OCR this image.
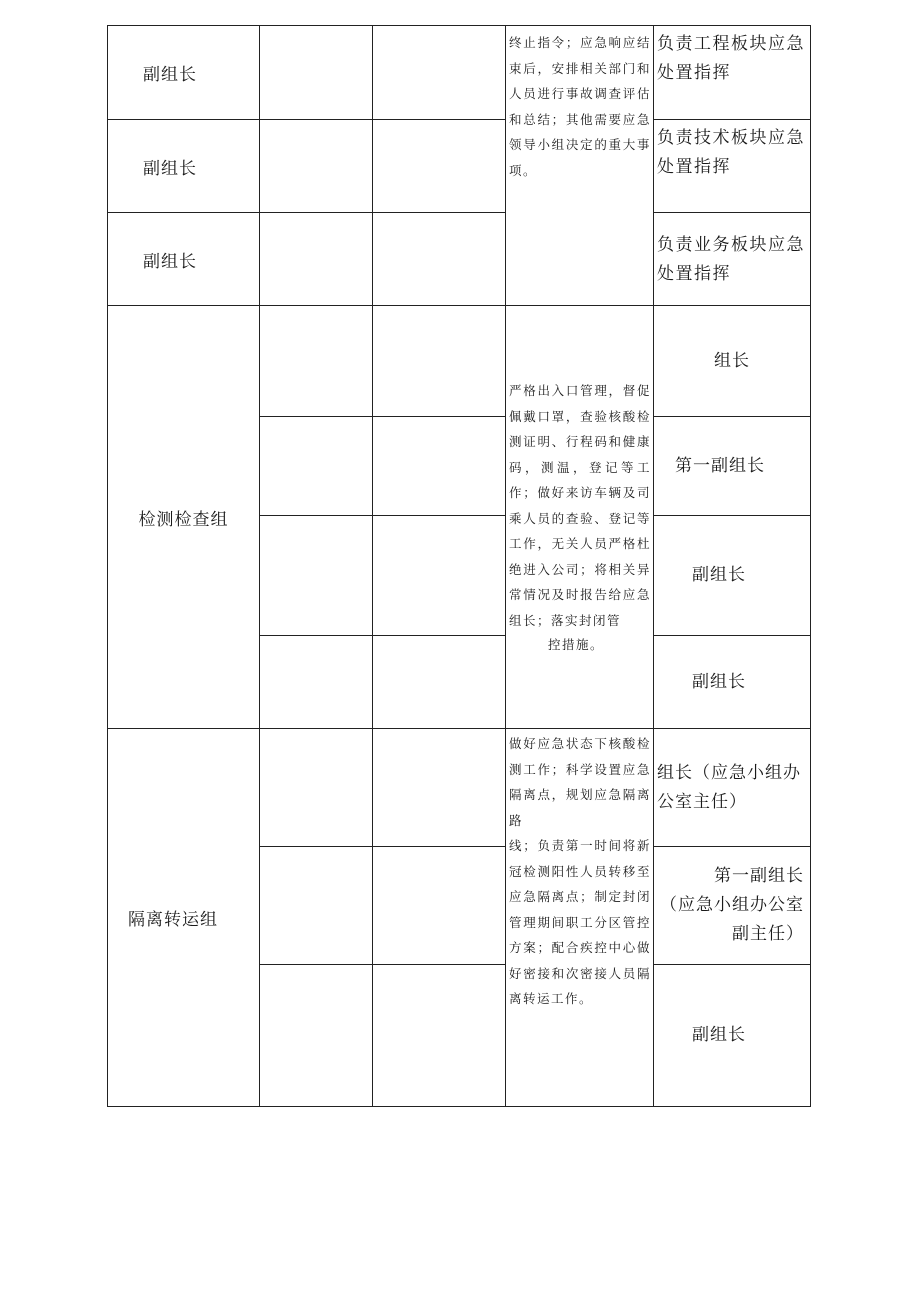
副组长
副组长
副组长
终止指令；应急响应结束后，安排相关部门和人员进行事故调查评估和总结；其他需要应急领导小组决定的重大事项。
负责工程板块应急处置指挥
负责技术板块应急处置指挥
负责业务板块应急处置指挥
检测检查组
严格出入口管理，督促佩戴口罩，查验核酸检测证明、行程码和健康码，测温，登记等工作；做好来访车辆及司乘人员的查验、登记等工作，无关人员严格杜绝进入公司；将相关异常情况及时报告给应急组长；落实封闭管
控措施。
组长
第一副组长
副组长
副组长
隔离转运组
做好应急状态下核酸检测工作；科学设置应急隔离点，规划应急隔离路
线；负责第一时间将新冠检测阳性人员转移至应急隔离点；制定封闭管理期间职工分区管控方案；配合疾控中心做好密接和次密接人员隔离转运工作。
组长（应急小组办公室主任）
第一副组长
（应急小组办公室副主任）
副组长
